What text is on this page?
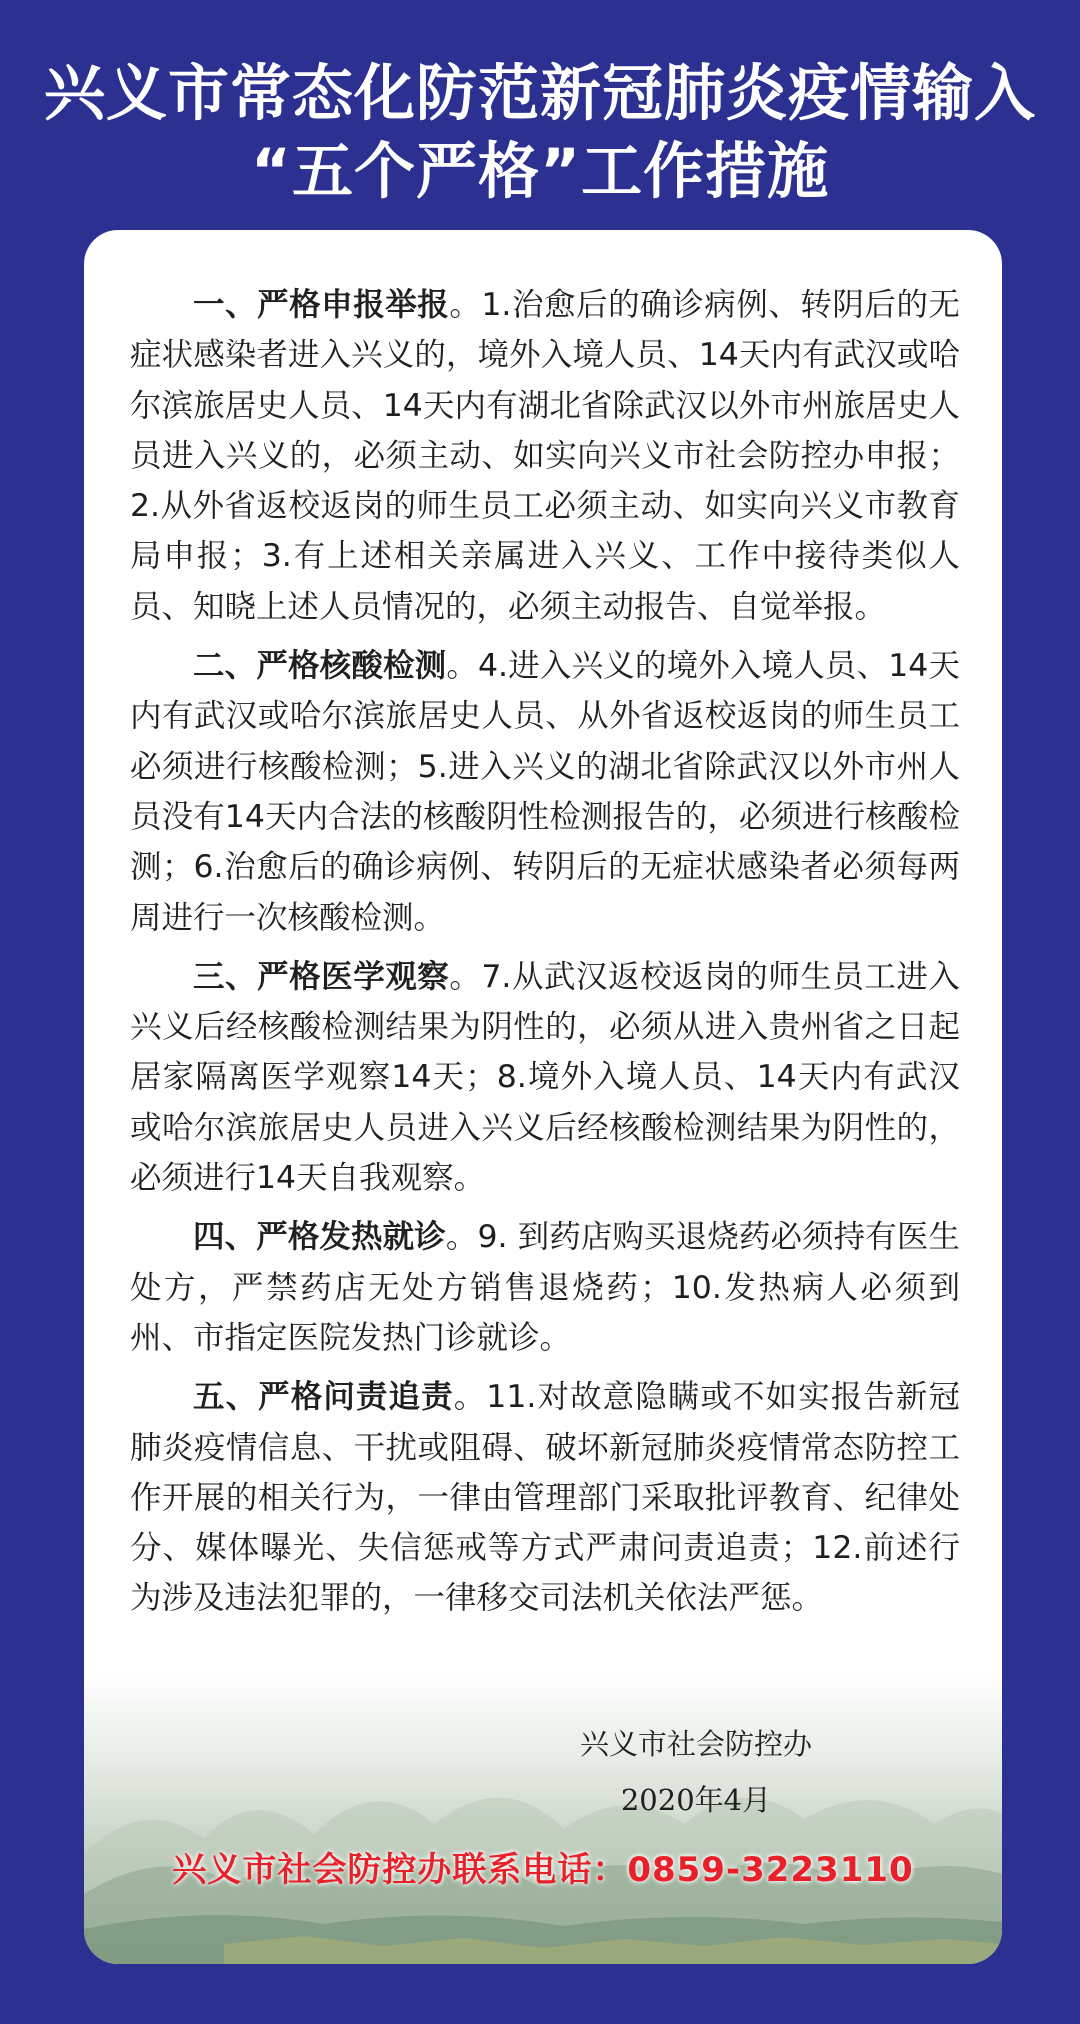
兴义市常态化防范新冠肺炎疫情输入
“五个严格”工作措施

一、严格申报举报。1.治愈后的确诊病例、转阴后的无症状感染者进入兴义的，境外入境人员、14天内有武汉或哈尔滨旅居史人员、14天内有湖北省除武汉以外市州旅居史人员进入兴义的，必须主动、如实向兴义市社会防控办申报；2.从外省返校返岗的师生员工必须主动、如实向兴义市教育局申报；3.有上述相关亲属进入兴义、工作中接待类似人员、知晓上述人员情况的，必须主动报告、自觉举报。

二、严格核酸检测。4.进入兴义的境外入境人员、14天内有武汉或哈尔滨旅居史人员、从外省返校返岗的师生员工必须进行核酸检测；5.进入兴义的湖北省除武汉以外市州人员没有14天内合法的核酸阴性检测报告的，必须进行核酸检测；6.治愈后的确诊病例、转阴后的无症状感染者必须每两周进行一次核酸检测。

三、严格医学观察。7.从武汉返校返岗的师生员工进入兴义后经核酸检测结果为阴性的，必须从进入贵州省之日起居家隔离医学观察14天；8.境外入境人员、14天内有武汉或哈尔滨旅居史人员进入兴义后经核酸检测结果为阴性的，必须进行14天自我观察。

四、严格发热就诊。9. 到药店购买退烧药必须持有医生处方，严禁药店无处方销售退烧药；10.发热病人必须到州、市指定医院发热门诊就诊。

五、严格问责追责。11.对故意隐瞒或不如实报告新冠肺炎疫情信息、干扰或阻碍、破坏新冠肺炎疫情常态防控工作开展的相关行为，一律由管理部门采取批评教育、纪律处分、媒体曝光、失信惩戒等方式严肃问责追责；12.前述行为涉及违法犯罪的，一律移交司法机关依法严惩。

兴义市社会防控办
2020年4月
兴义市社会防控办联系电话：0859-3223110
